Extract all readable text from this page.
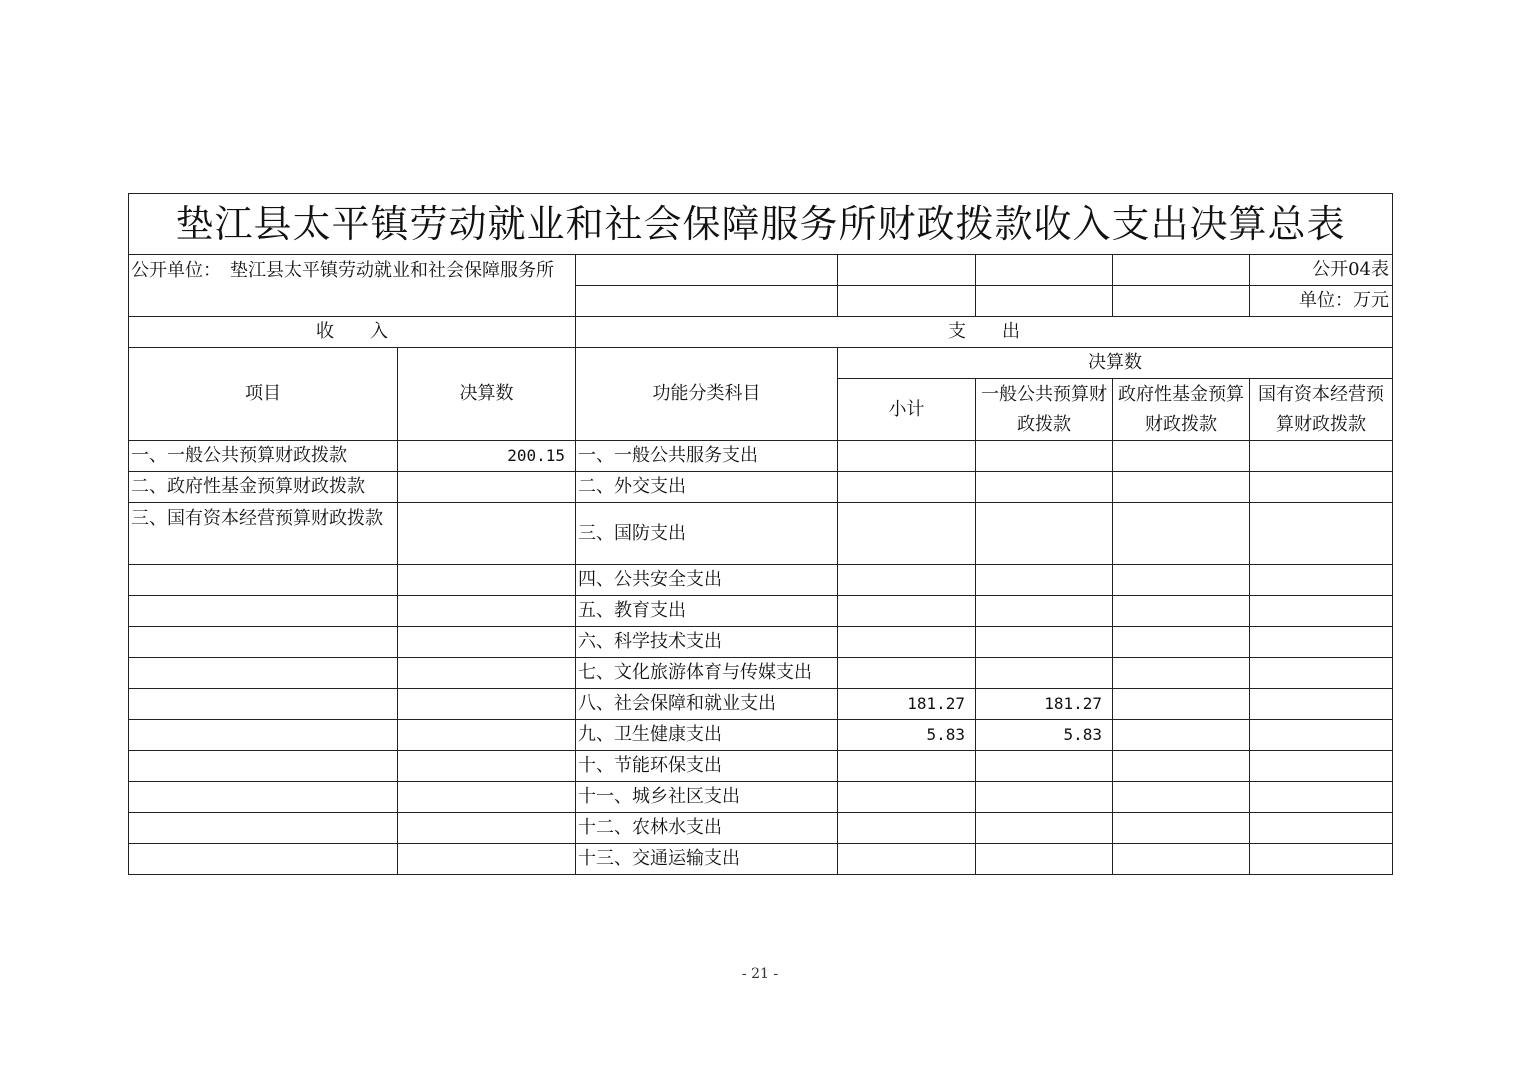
垫江县太平镇劳动就业和社会保障服务所财政拨款收入支出决算总表						
公开单位：　 垫江县太平镇劳动就业和社会保障服务所						公开04表
						单位：万元
收　　入		支　　出				
项目	决算数	功能分类科目	决算数			
			小计	一般公共预算财政拨款	政府性基金预算财政拨款	国有资本经营预算财政拨款
一、一般公共预算财政拨款	200.15	一、一般公共服务支出				
二、政府性基金预算财政拨款		二、外交支出				
三、国有资本经营预算财政拨款		三、国防支出				
		四、公共安全支出				
		五、教育支出				
		六、科学技术支出				
		七、文化旅游体育与传媒支出				
		八、社会保障和就业支出	181.27	181.27		
		九、卫生健康支出	5.83	5.83		
		十、节能环保支出				
		十一、城乡社区支出				
		十二、农林水支出				
		十三、交通运输支出				
- 21 -
